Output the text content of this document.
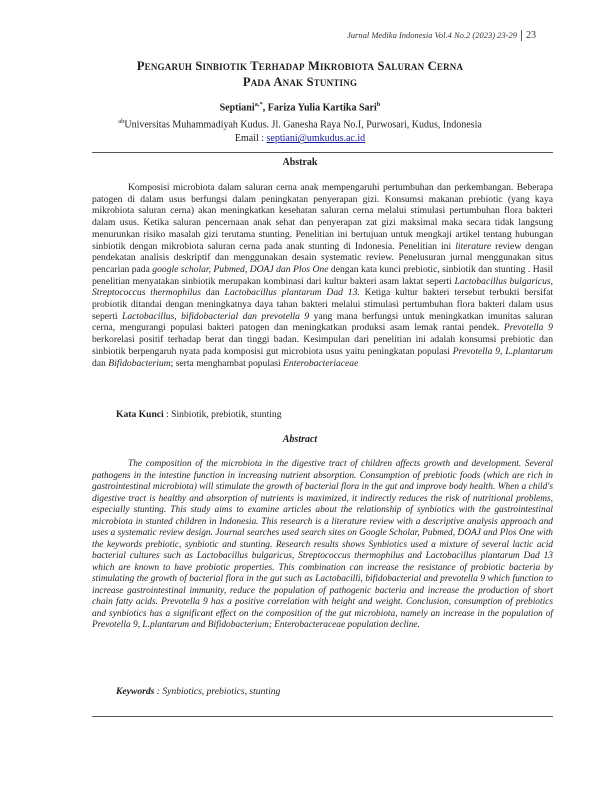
Jurnal Medika Indonesia Vol.4 No.2 (2023) 23-29 23
Pengaruh Sinbiotik Terhadap Mikrobiota Saluran Cerna
Pada Anak Stunting
Septiani$^{a,*}$, Fariza Yulia Kartika Sari$^b$
$^{ab}$Universitas Muhammadiyah Kudus. Jl. Ganesha Raya No.I, Purwosari, Kudus, Indonesia
Email : septiani@umkudus.ac.id
Abstrak

Komposisi microbiota dalam saluran cerna anak mempengaruhi pertumbuhan dan perkembangan. Beberapa patogen di dalam usus berfungsi dalam peningkatan penyerapan gizi. Konsumsi makanan prebiotic (yang kaya mikrobiota saluran cerna) akan meningkatkan kesehatan saluran cerna melalui stimulasi pertumbuhan flora bakteri dalam usus. Ketika saluran pencernaan anak sehat dan penyerapan zat gizi maksimal maka secara tidak langsung menurunkan risiko masalah gizi terutama stunting. Penelitian ini bertujuan untuk mengkaji artikel tentang hubungan sinbiotik dengan mikrobiota saluran cerna pada anak stunting di Indonesia. Penelitian ini literature review dengan pendekatan analisis deskriptif dan menggunakan desain systematic review. Penelusuran jurnal menggunakan situs pencarian pada google scholar, Pubmed, DOAJ dan Plos One dengan kata kunci prebiotic, sinbiotik dan stunting . Hasil penelitian menyatakan sinbiotik merupakan kombinasi dari kultur bakteri asam laktat seperti Lactobacillus bulgaricus, Streptococcus thermophilus dan Lactobacillus plantarum Dad 13. Ketiga kultur bakteri tersebut terbukti bersifat probiotik ditandai dengan meningkatnya daya tahan bakteri melalui stimulasi pertumbuhan flora bakteri dalam usus seperti Lactobacillus, bifidobacterial dan prevotella 9 yang mana berfungsi untuk meningkatkan imunitas saluran cerna, mengurangi populasi bakteri patogen dan meningkatkan produksi asam lemak rantai pendek. Prevotella 9 berkorelasi positif terhadap berat dan tinggi badan. Kesimpulan dari penelitian ini adalah konsumsi prebiotic dan sinbiotik berpengaruh nyata pada komposisi gut microbiota usus yaitu peningkatan populasi Prevotella 9, L.plantarum dan Bifidobacterium; serta menghambat populasi Enterobacteriaceae

Kata Kunci : Sinbiotik, prebiotik, stunting
Abstract

The composition of the microbiota in the digestive tract of children affects growth and development. Several pathogens in the intestine function in increasing nutrient absorption. Consumption of prebiotic foods (which are rich in gastrointestinal microbiota) will stimulate the growth of bacterial flora in the gut and improve body health. When a child's digestive tract is healthy and absorption of nutrients is maximized, it indirectly reduces the risk of nutritional problems, especially stunting. This study aims to examine articles about the relationship of synbiotics with the gastrointestinal microbiota in stunted children in Indonesia. This research is a literature review with a descriptive analysis approach and uses a systematic review design. Journal searches used search sites on Google Scholar, Pubmed, DOAJ and Plos One with the keywords prebiotic, synbiotic and stunting. Research results shows Synbiotics used a mixture of several lactic acid bacterial cultures such as Lactobacillus bulgaricus, Streptococcus thermophilus and Lactobacillus plantarum Dad 13 which are known to have probiotic properties. This combination can increase the resistance of probiotic bacteria by stimulating the growth of bacterial flora in the gut such as Lactobacilli, bifidobacterial and prevotella 9 which function to increase gastrointestinal immunity, reduce the population of pathogenic bacteria and increase the production of short chain fatty acids. Prevotella 9 has a positive correlation with height and weight. Conclusion, consumption of prebiotics and synbiotics has a significant effect on the composition of the gut microbiota, namely an increase in the population of Prevotella 9, L.plantarum and Bifidobacterium; Enterobacteraceae population decline.

Keywords : Synbiotics, prebiotics, stunting
